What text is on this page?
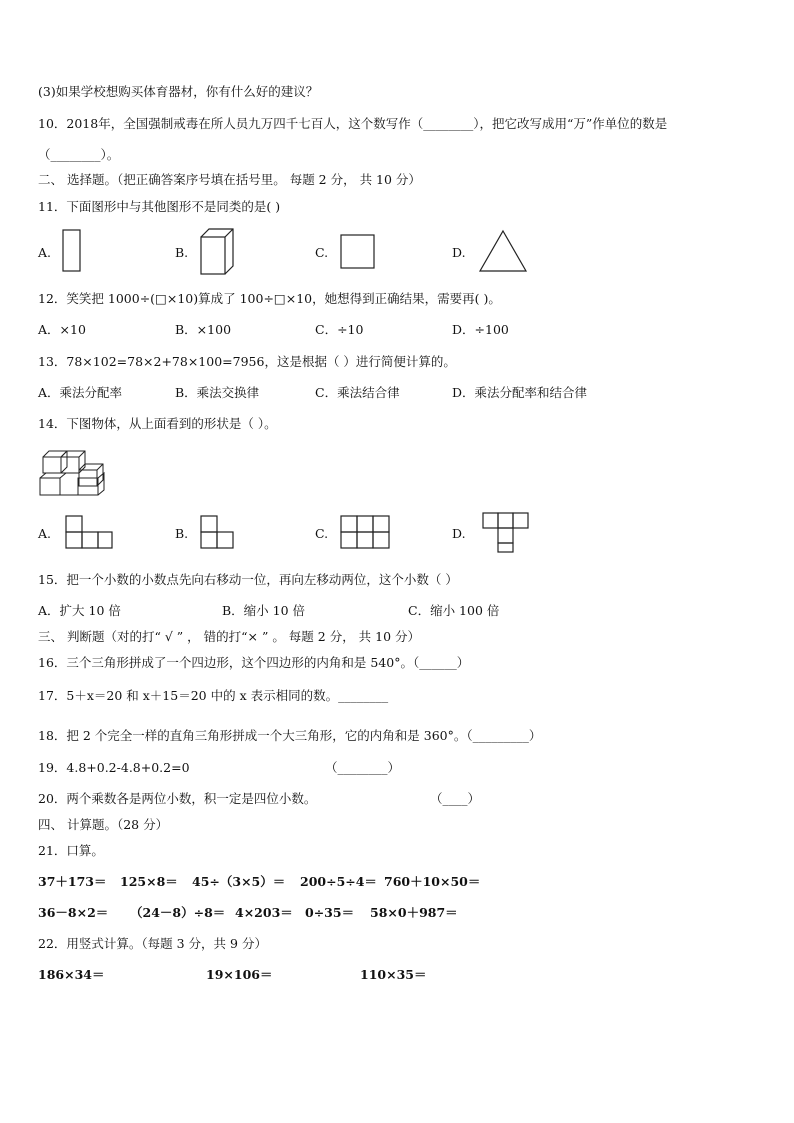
(3)如果学校想购买体育器材，你有什么好的建议？
10．2018年，全国强制戒毒在所人员九万四千七百人，这个数写作（________），把它改写成用“万”作单位的数是
（________）。
二、 选择题。（把正确答案序号填在括号里。 每题 2 分， 共 10 分）
11．下面图形中与其他图形不是同类的是( )
A.	B.	C.	D.
12．笑笑把 1000÷(□×10)算成了 100÷□×10，她想得到正确结果，需要再( )。
A．×10	B．×100	C．÷10	D．÷100
13．78×102=78×2+78×100=7956，这是根据（ ）进行简便计算的。
A．乘法分配率	B．乘法交换律	C．乘法结合律	D．乘法分配率和结合律
14．下图物体，从上面看到的形状是（ ）。
A.	B.	C.	D.
15．把一个小数的小数点先向右移动一位，再向左移动两位，这个小数（ ）
A．扩大 10 倍	B．缩小 10 倍	C．缩小 100 倍
三、 判断题（对的打“ √ ” ， 错的打“× ” 。 每题 2 分， 共 10 分）
16．三个三角形拼成了一个四边形，这个四边形的内角和是 540°。（______）
17．5＋x＝20 和 x＋15＝20 中的 x 表示相同的数。________
18．把 2 个完全一样的直角三角形拼成一个大三角形，它的内角和是 360°。（_________）
19．4.8+0.2-4.8+0.2=0	（________）
20．两个乘数各是两位小数，积一定是四位小数。	（____）
四、 计算题。（28 分）
21．口算。
37＋173＝ 125×8＝ 45÷（3×5）＝ 200÷5÷4＝ 760＋10×50＝
36－8×2＝ （24－8）÷8＝ 4×203＝ 0÷35＝ 58×0＋987＝
22．用竖式计算。（每题 3 分，共 9 分）
186×34＝	19×106＝	110×35＝
